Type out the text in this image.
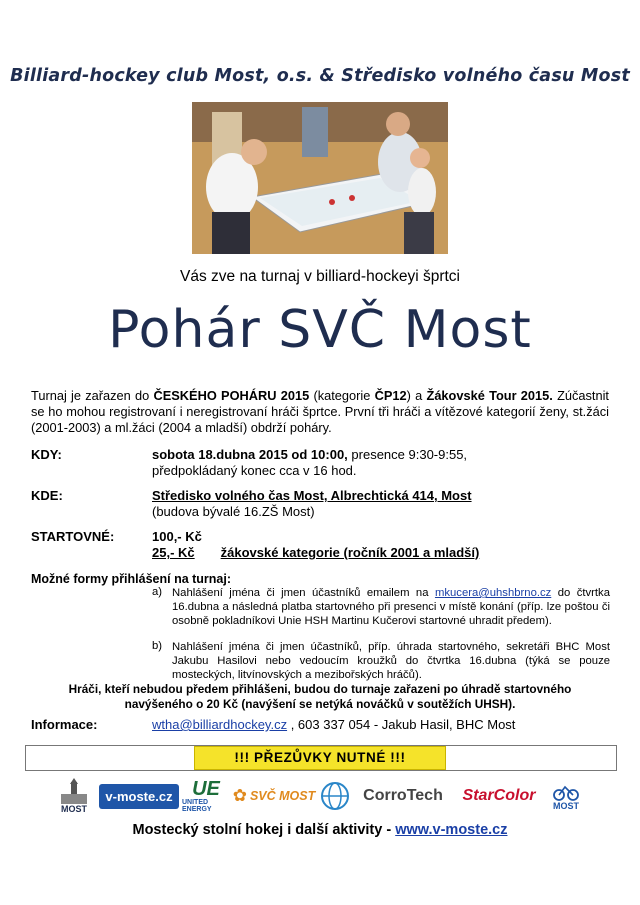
Billiard-hockey club Most, o.s. & Středisko volného času Most
Vás zve na turnaj v billiard-hockeyi šprtci
Pohár SVČ Most
Turnaj je zařazen do ČESKÉHO POHÁRU 2015 (kategorie ČP12) a Žákovské Tour 2015. Zúčastnit se ho mohou registrovaní i neregistrovaní hráči šprtce. První tři hráči a vítězové kategorií ženy, st.žáci (2001-2003) a ml.žáci (2004 a mladší) obdrží poháry.
KDY:	sobota 18.dubna 2015 od 10:00, presence 9:30-9:55,
předpokládaný konec cca v 16 hod.
KDE:	Středisko volného čas Most, Albrechtická 414, Most
(budova bývalé 16.ZŠ Most)
STARTOVNÉ:	100,- Kč
25,- Kč žákovské kategorie (ročník 2001 a mladší)
Možné formy přihlášení na turnaj:
a) Nahlášení jména či jmen účastníků emailem na mkucera@uhshbrno.cz do čtvrtka 16.dubna a následná platba startovného při presenci v místě konání (příp. lze poštou či osobně pokladníkovi Unie HSH Martinu Kučerovi startovné uhradit předem).
b) Nahlášení jména či jmen účastníků, příp. úhrada startovného, sekretáři BHC Most Jakubu Hasilovi nebo vedoucím kroužků do čtvrtka 16.dubna (týká se pouze mosteckých, litvínovských a mezibořských hráčů).
Hráči, kteří nebudou předem přihlášeni, budou do turnaje zařazeni po úhradě startovného navýšeného o 20 Kč (navýšení se netýká nováčků v soutěžích UHSH).
Informace:	wtha@billiardhockey.cz , 603 337 054 - Jakub Hasil, BHC Most
!!! PŘEZŮVKY NUTNÉ !!!
MOST
v-moste.cz UE
UNITED ENERGY
✿ SVČ MOST	CorroTech StarColor
MOST
Mostecký stolní hokej i další aktivity - www.v-moste.cz
